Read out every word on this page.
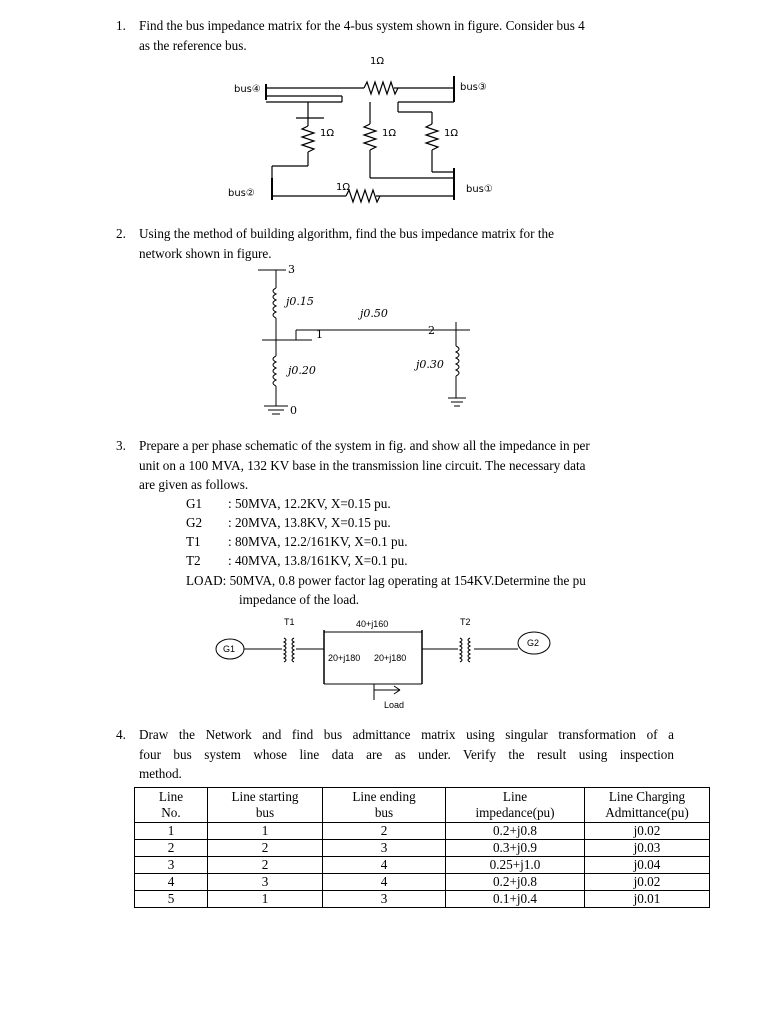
1. Find the bus impedance matrix for the 4-bus system shown in figure. Consider bus 4
as the reference bus.
bus④	bus③
bus②	bus①
1Ω
1Ω	1Ω	1Ω
1Ω
2. Using the method of building algorithm, find the bus impedance matrix for the
network shown in figure.
3
1	2
0
j0.15
j0.50
j0.20	j0.30
3. Prepare a per phase schematic of the system in fig. and show all the impedance in per
unit on a 100 MVA, 132 KV base in the transmission line circuit. The necessary data
are given as follows.
G1 : 50MVA, 12.2KV, X=0.15 pu.
G2 : 20MVA, 13.8KV, X=0.15 pu.
T1 : 80MVA, 12.2/161KV, X=0.1 pu.
T2 : 40MVA, 13.8/161KV, X=0.1 pu.
LOAD: 50MVA, 0.8 power factor lag operating at 154KV.Determine the pu
impedance of the load.
T1	T2
G1
G2
40+j160
20+j180 20+j180
Load
4. Draw the Network and find bus admittance matrix using singular transformation of a
four bus system whose line data are as under. Verify the result using inspection
method.
Line
No.	Line starting
bus	Line ending
bus	Line
impedance(pu)	Line Charging
Admittance(pu)
1	1	2	0.2+j0.8	j0.02
2	2	3	0.3+j0.9	j0.03
3	2	4	0.25+j1.0	j0.04
4	3	4	0.2+j0.8	j0.02
5	1	3	0.1+j0.4	j0.01
